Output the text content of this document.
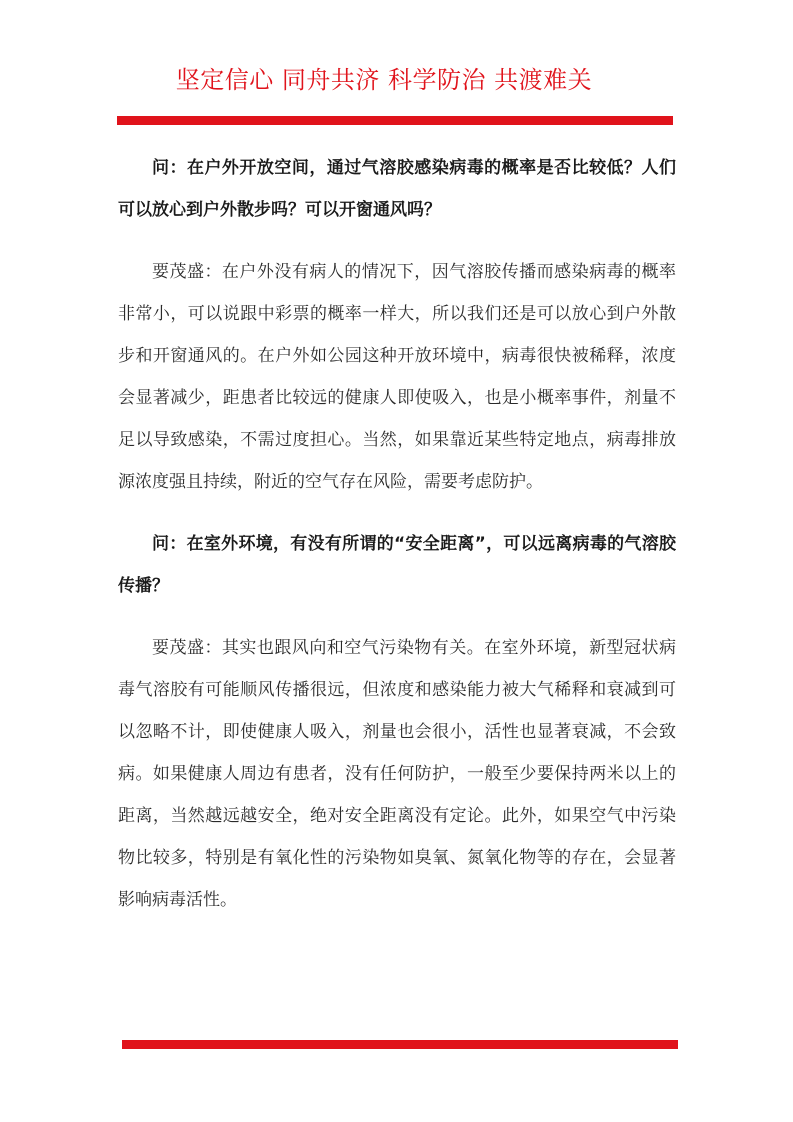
坚定信心 同舟共济 科学防治 共渡难关

问：在户外开放空间，通过气溶胶感染病毒的概率是否比较低？人们可以放心到户外散步吗？可以开窗通风吗？

要茂盛：在户外没有病人的情况下，因气溶胶传播而感染病毒的概率非常小，可以说跟中彩票的概率一样大，所以我们还是可以放心到户外散步和开窗通风的。在户外如公园这种开放环境中，病毒很快被稀释，浓度会显著减少，距患者比较远的健康人即使吸入，也是小概率事件，剂量不足以导致感染，不需过度担心。当然，如果靠近某些特定地点，病毒排放源浓度强且持续，附近的空气存在风险，需要考虑防护。

问：在室外环境，有没有所谓的“安全距离”，可以远离病毒的气溶胶传播？

要茂盛：其实也跟风向和空气污染物有关。在室外环境，新型冠状病毒气溶胶有可能顺风传播很远，但浓度和感染能力被大气稀释和衰减到可以忽略不计，即使健康人吸入，剂量也会很小，活性也显著衰减，不会致病。如果健康人周边有患者，没有任何防护，一般至少要保持两米以上的距离，当然越远越安全，绝对安全距离没有定论。此外，如果空气中污染物比较多，特别是有氧化性的污染物如臭氧、氮氧化物等的存在，会显著影响病毒活性。
